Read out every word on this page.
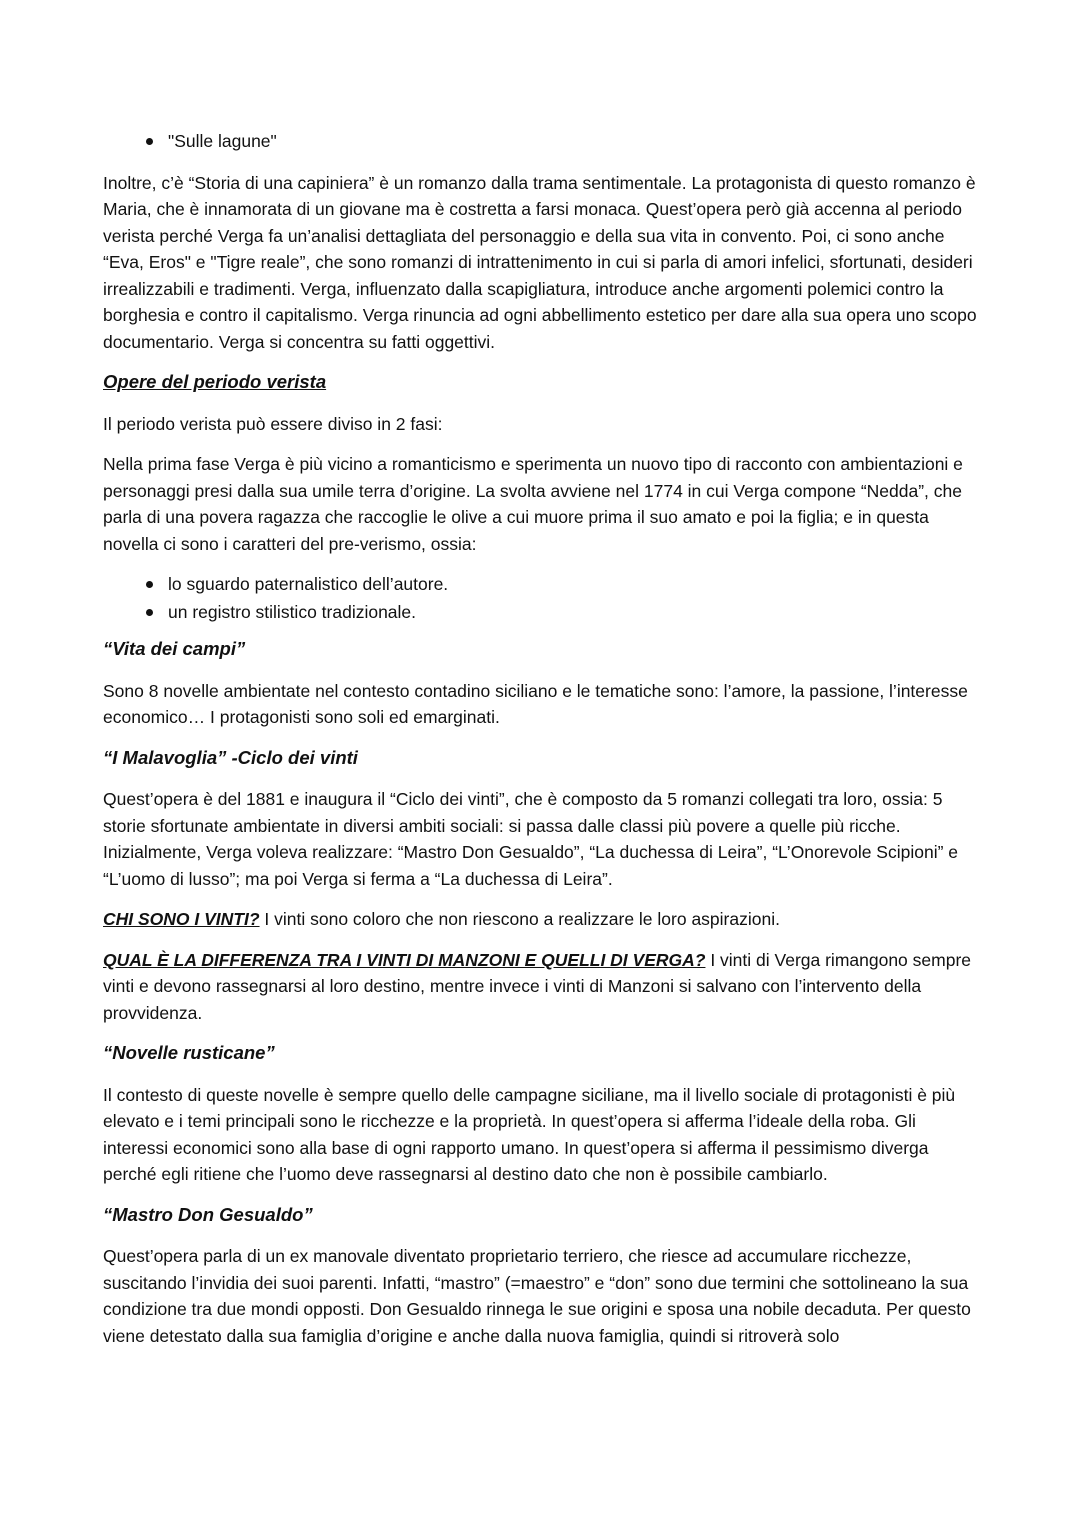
"Sulle lagune"

Inoltre, c’è “Storia di una capiniera” è un romanzo dalla trama sentimentale. La protagonista di questo romanzo è Maria, che è innamorata di un giovane ma è costretta a farsi monaca. Quest’opera però già accenna al periodo verista perché Verga fa un’analisi dettagliata del personaggio e della sua vita in convento. Poi, ci sono anche “Eva, Eros" e "Tigre reale”, che sono romanzi di intrattenimento in cui si parla di amori infelici, sfortunati, desideri irrealizzabili e tradimenti. Verga, influenzato dalla scapigliatura, introduce anche argomenti polemici contro la borghesia e contro il capitalismo. Verga rinuncia ad ogni abbellimento estetico per dare alla sua opera uno scopo documentario. Verga si concentra su fatti oggettivi.

Opere del periodo verista

Il periodo verista può essere diviso in 2 fasi:

Nella prima fase Verga è più vicino a romanticismo e sperimenta un nuovo tipo di racconto con ambientazioni e personaggi presi dalla sua umile terra d’origine. La svolta avviene nel 1774 in cui Verga compone “Nedda”, che parla di una povera ragazza che raccoglie le olive a cui muore prima il suo amato e poi la figlia; e in questa novella ci sono i caratteri del pre-verismo, ossia:

lo sguardo paternalistico dell’autore.
un registro stilistico tradizionale.

“Vita dei campi”

Sono 8 novelle ambientate nel contesto contadino siciliano e le tematiche sono: l’amore, la passione, l’interesse economico… I protagonisti sono soli ed emarginati.

“I Malavoglia” -Ciclo dei vinti

Quest’opera è del 1881 e inaugura il “Ciclo dei vinti”, che è composto da 5 romanzi collegati tra loro, ossia: 5 storie sfortunate ambientate in diversi ambiti sociali: si passa dalle classi più povere a quelle più ricche. Inizialmente, Verga voleva realizzare: “Mastro Don Gesualdo”, “La duchessa di Leira”, “L’Onorevole Scipioni” e “L’uomo di lusso”; ma poi Verga si ferma a “La duchessa di Leira”.

CHI SONO I VINTI? I vinti sono coloro che non riescono a realizzare le loro aspirazioni.

QUAL È LA DIFFERENZA TRA I VINTI DI MANZONI E QUELLI DI VERGA? I vinti di Verga rimangono sempre vinti e devono rassegnarsi al loro destino, mentre invece i vinti di Manzoni si salvano con l’intervento della provvidenza.

“Novelle rusticane”

Il contesto di queste novelle è sempre quello delle campagne siciliane, ma il livello sociale di protagonisti è più elevato e i temi principali sono le ricchezze e la proprietà. In quest’opera si afferma l’ideale della roba. Gli interessi economici sono alla base di ogni rapporto umano. In quest’opera si afferma il pessimismo diverga perché egli ritiene che l’uomo deve rassegnarsi al destino dato che non è possibile cambiarlo.

“Mastro Don Gesualdo”

Quest’opera parla di un ex manovale diventato proprietario terriero, che riesce ad accumulare ricchezze, suscitando l’invidia dei suoi parenti. Infatti, “mastro” (=maestro” e “don” sono due termini che sottolineano la sua condizione tra due mondi opposti. Don Gesualdo rinnega le sue origini e sposa una nobile decaduta. Per questo viene detestato dalla sua famiglia d’origine e anche dalla nuova famiglia, quindi si ritroverà solo
